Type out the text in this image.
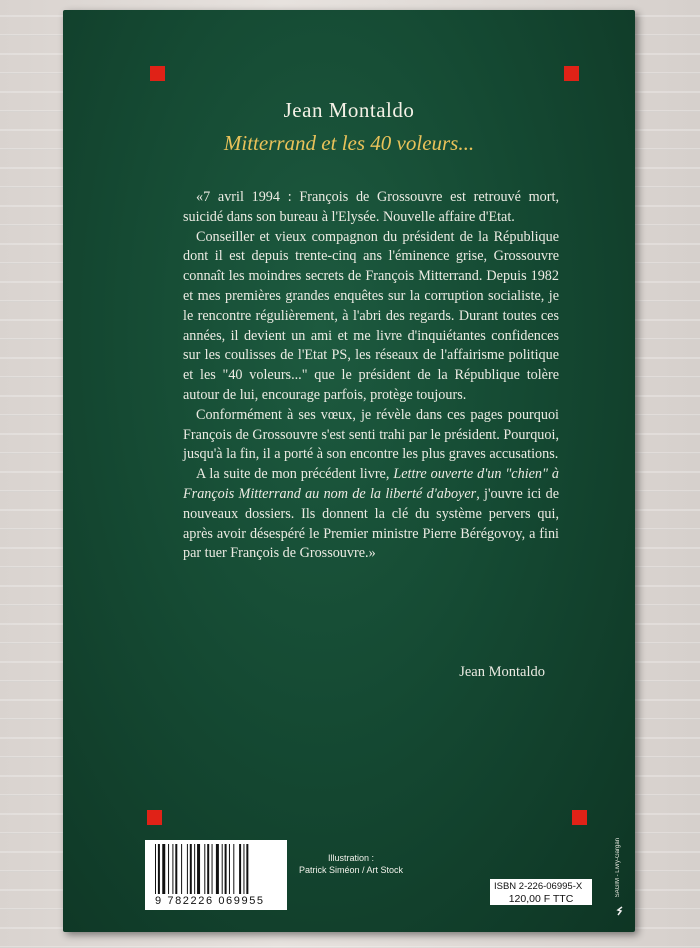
Jean Montaldo
Mitterrand et les 40 voleurs...

«7 avril 1994 : François de Grossouvre est retrouvé mort, suicidé dans son bureau à l'Elysée. Nouvelle affaire d'Etat.

Conseiller et vieux compagnon du président de la République dont il est depuis trente-cinq ans l'éminence grise, Grossouvre connaît les moindres secrets de François Mitterrand. Depuis 1982 et mes premières grandes enquêtes sur la corruption socialiste, je le rencontre régulièrement, à l'abri des regards. Durant toutes ces années, il devient un ami et me livre d'inquiétantes confidences sur les coulisses de l'Etat PS, les réseaux de l'affairisme politique et les "40 voleurs..." que le président de la République tolère autour de lui, encourage parfois, protège toujours.

Conformément à ses vœux, je révèle dans ces pages pourquoi François de Grossouvre s'est senti trahi par le président. Pourquoi, jusqu'à la fin, il a porté à son encontre les plus graves accusations.

A la suite de mon précédent livre, Lettre ouverte d'un "chien" à François Mitterrand au nom de la liberté d'aboyer, j'ouvre ici de nouveaux dossiers. Ils donnent la clé du système pervers qui, après avoir désespéré le Premier ministre Pierre Bérégovoy, a fini par tuer François de Grossouvre.»

Jean Montaldo
9 782226 069955
Illustration :
Patrick Siméon / Art Stock
ISBN 2-226-06995-X
120,00 F TTC
SAGIM - Livry-Gargan
